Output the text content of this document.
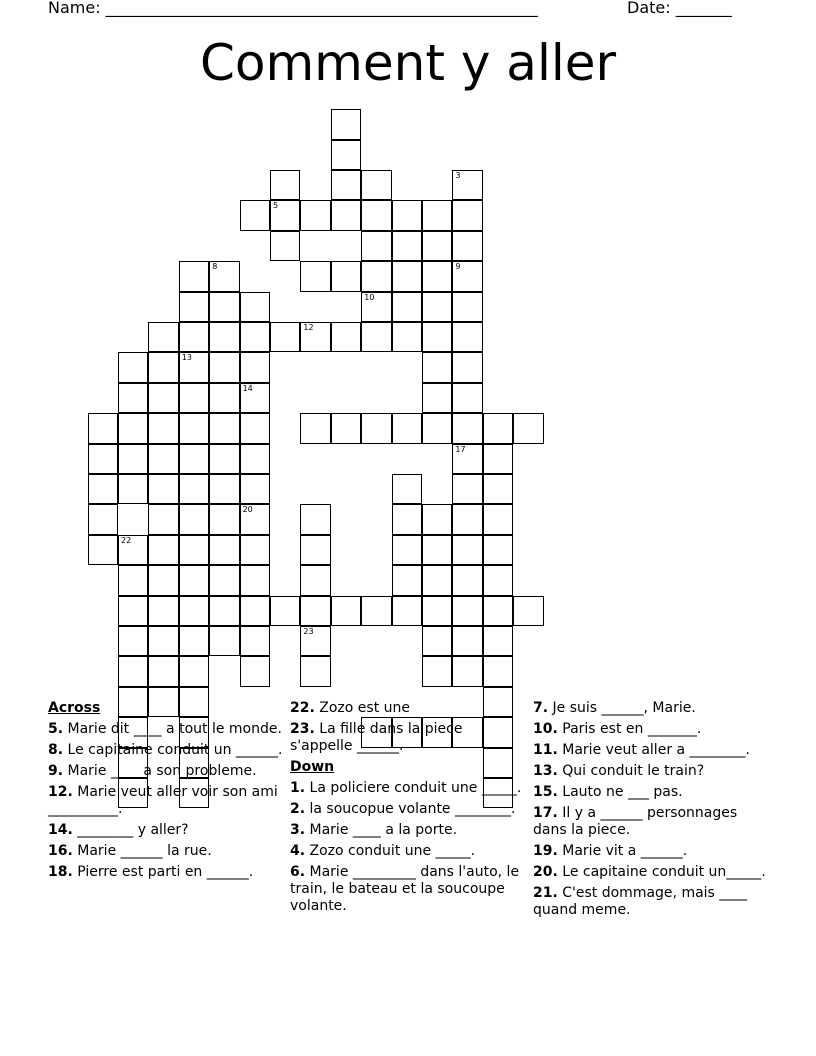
Name: ______________________________________________________	Date: _______
Comment y aller
5
10
3
9
17
8
13
14
20
12
22
23
Across
5. Marie dit ____ a tout le monde.
8. Le capitaine conduit un ______.
9. Marie ____ a son probleme.
12. Marie veut aller voir son ami __________.
14. ________ y aller?
16. Marie ______ la rue.
18. Pierre est parti en ______.
22. Zozo est une
23. La fille dans la piece s'appelle ______.
Down
1. La policiere conduit une _____.
2. la soucopue volante ________.
3. Marie ____ a la porte.
4. Zozo conduit une _____.
6. Marie _________ dans l'auto, le train, le bateau et la soucoupe volante.
7. Je suis ______, Marie.
10. Paris est en _______.
11. Marie veut aller a ________.
13. Qui conduit le train?
15. Lauto ne ___ pas.
17. Il y a ______ personnages dans la piece.
19. Marie vit a ______.
20. Le capitaine conduit un_____.
21. C'est dommage, mais ____ quand meme.
